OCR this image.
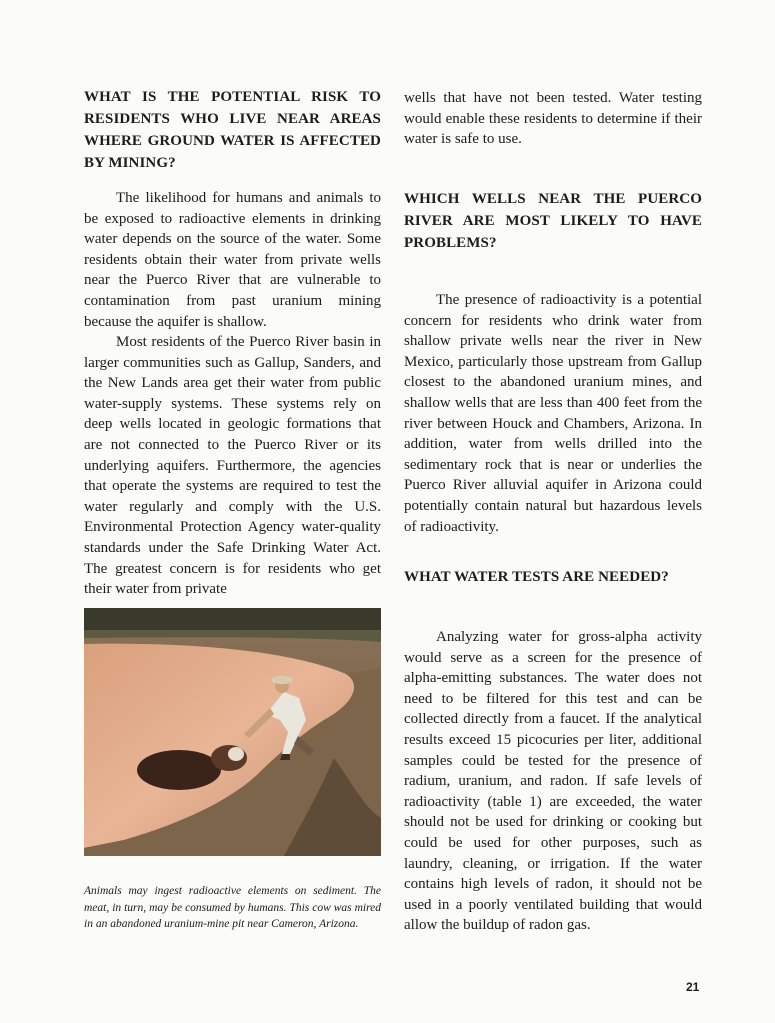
WHAT IS THE POTENTIAL RISK TO RESIDENTS WHO LIVE NEAR AREAS WHERE GROUND WATER IS AFFECTED BY MINING?

The likelihood for humans and animals to be exposed to radioactive elements in drinking water depends on the source of the water. Some residents obtain their water from private wells near the Puerco River that are vulnerable to contamination from past uranium mining because the aquifer is shallow.

Most residents of the Puerco River basin in larger communities such as Gallup, Sanders, and the New Lands area get their water from public water-supply systems. These systems rely on deep wells located in geologic formations that are not connected to the Puerco River or its underlying aquifers. Furthermore, the agencies that operate the systems are required to test the water regularly and comply with the U.S. Environmental Protection Agency water-quality standards under the Safe Drinking Water Act. The greatest concern is for residents who get their water from private

Animals may ingest radioactive elements on sediment. The meat, in turn, may be consumed by humans. This cow was mired in an abandoned uranium-mine pit near Cameron, Arizona.

wells that have not been tested. Water testing would enable these residents to determine if their water is safe to use.

WHICH WELLS NEAR THE PUERCO RIVER ARE MOST LIKELY TO HAVE PROBLEMS?

The presence of radioactivity is a potential concern for residents who drink water from shallow private wells near the river in New Mexico, particularly those upstream from Gallup closest to the abandoned uranium mines, and shallow wells that are less than 400 feet from the river between Houck and Chambers, Arizona. In addition, water from wells drilled into the sedimentary rock that is near or underlies the Puerco River alluvial aquifer in Arizona could potentially contain natural but hazardous levels of radioactivity.

WHAT WATER TESTS ARE NEEDED?

Analyzing water for gross-alpha activity would serve as a screen for the presence of alpha-emitting substances. The water does not need to be filtered for this test and can be collected directly from a faucet. If the analytical results exceed 15 picocuries per liter, additional samples could be tested for the presence of radium, uranium, and radon. If safe levels of radioactivity (table 1) are exceeded, the water should not be used for drinking or cooking but could be used for other purposes, such as laundry, cleaning, or irrigation. If the water contains high levels of radon, it should not be used in a poorly ventilated building that would allow the buildup of radon gas.

21
